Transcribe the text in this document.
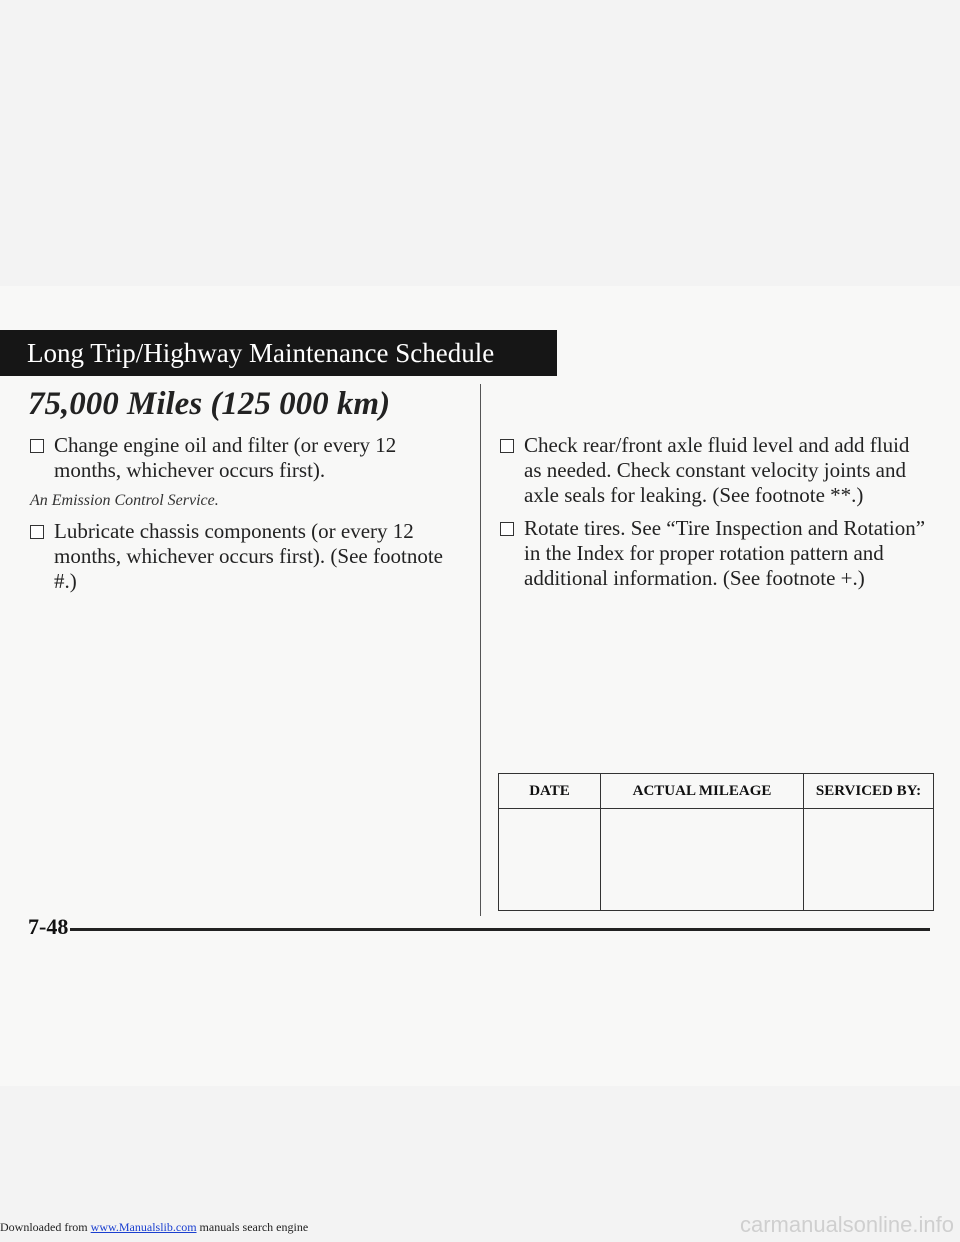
Long Trip/Highway Maintenance Schedule
75,000 Miles (125 000 km)
Change engine oil and filter (or every 12 months, whichever occurs first).
An Emission Control Service.
Lubricate chassis components (or every 12 months, whichever occurs first). (See footnote #.)
Check rear/front axle fluid level and add fluid as needed. Check constant velocity joints and axle seals for leaking. (See footnote **.)
Rotate tires. See “Tire Inspection and Rotation” in the Index for proper rotation pattern and additional information. (See footnote +.)
DATE	ACTUAL MILEAGE	SERVICED BY:

7-48
Downloaded from www.Manualslib.com manuals search engine	carmanualsonline.info
